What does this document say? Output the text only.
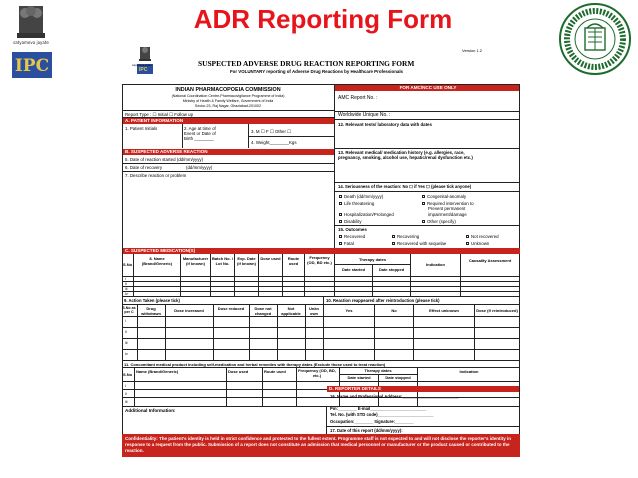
ADR Reporting Form
satyameva jayate
IPC
Version 1.2
IPC
satyameva jayate	SUSPECTED ADVERSE DRUG REACTION REPORTING FORM
For VOLUNTARY reporting of Adverse Drug Reactions by Healthcare Professionals
INDIAN PHARMACOPOEIA COMMISSION
(National Coordination Centre-Pharmacovigilance Programme of India)
Ministry of Health & Family Welfare, Government of India
Sector-23, Raj Nagar, Ghaziabad-201002
FOR AMC/NCC USE ONLY
AMC Report No. :
Worldwide Unique No. :
Report Type : ☐ Initial ☐ Follow up
A. PATIENT INFORMATION
1. Patient Initials	2. Age at time of
Event or Date of
Birth ________
3. M ☐ F ☐ Other ☐
4. Weight________Kgs
12. Relevant tests/ laboratory data with dates
B. SUSPECTED ADVERSE REACTION
5. Date of reaction started (dd/mm/yyyy)
6. Date of recovery	(dd/mm/yyyy)
7. Describe reaction or problem
13. Relevant medical/ medication history (e.g. allergies, race,
pregnancy, smoking, alcohol use, hepatic/renal dysfunction etc.)
14. Seriousness of the reaction: No ☐ if Yes ☐ (please tick anyone)
Death (dd/mm/yyyy)	Congenital-anomaly
Life threatening	Required intervention to
Prevent permanent
Hospitalization/Prolonged	impairment/damage
Disability	Other (specify)
15. Outcomes
Recovered	Recovering	Not recovered
Fatal	Recovered with sequelae	Unknown
C. SUSPECTED MEDICATION(S)
S.No
8. Name (Brand/Generic)
Manufacturer (if known)
Batch No. / Lot No.
Exp. Date (if known)
Dose used	Route used
Frequency (OD, BD etc.)
Therapy dates
Date started	Date stopped
Indication
Causality Assessment
i
ii
iii
iv
9. Action Taken (please tick)	10. Reaction reappeared after reintroduction (please tick)
S.No as per C
Drug withdrawn
Dose increased	Dose reduced	Dose not changed
Not applicable
Unkn own
Yes	No	Effect unknown	Dose (if reintroduced)
i
ii
iii
iv
11. Concomitant medical product including self-medication and herbal remedies with therapy dates (Exclude those used to treat reaction)
S.No
Name (Brand/Generic)	Dose used	Route used	Frequency (OD, BD, etc.)
Therapy dates
Date started	Date stopped
Indication
i
ii
iii
Additional Information:
D. REPORTER DETAILS
16. Name and Professional Address:________________________
Pin:________ E-mail________________________
Tel. No. (with STD code)________________________
Occupation:________ Signature:________
17. Date of this report (dd/mm/yyyy):
Confidentiality: The patient's identity is held in strict confidence and protected to the fullest extent. Programme staff is not expected to and will not disclose the reporter's identity in response to a request from the public. Submission of a report does not constitute an admission that medical personnel or manufacturer or the product caused or contributed to the reaction.
